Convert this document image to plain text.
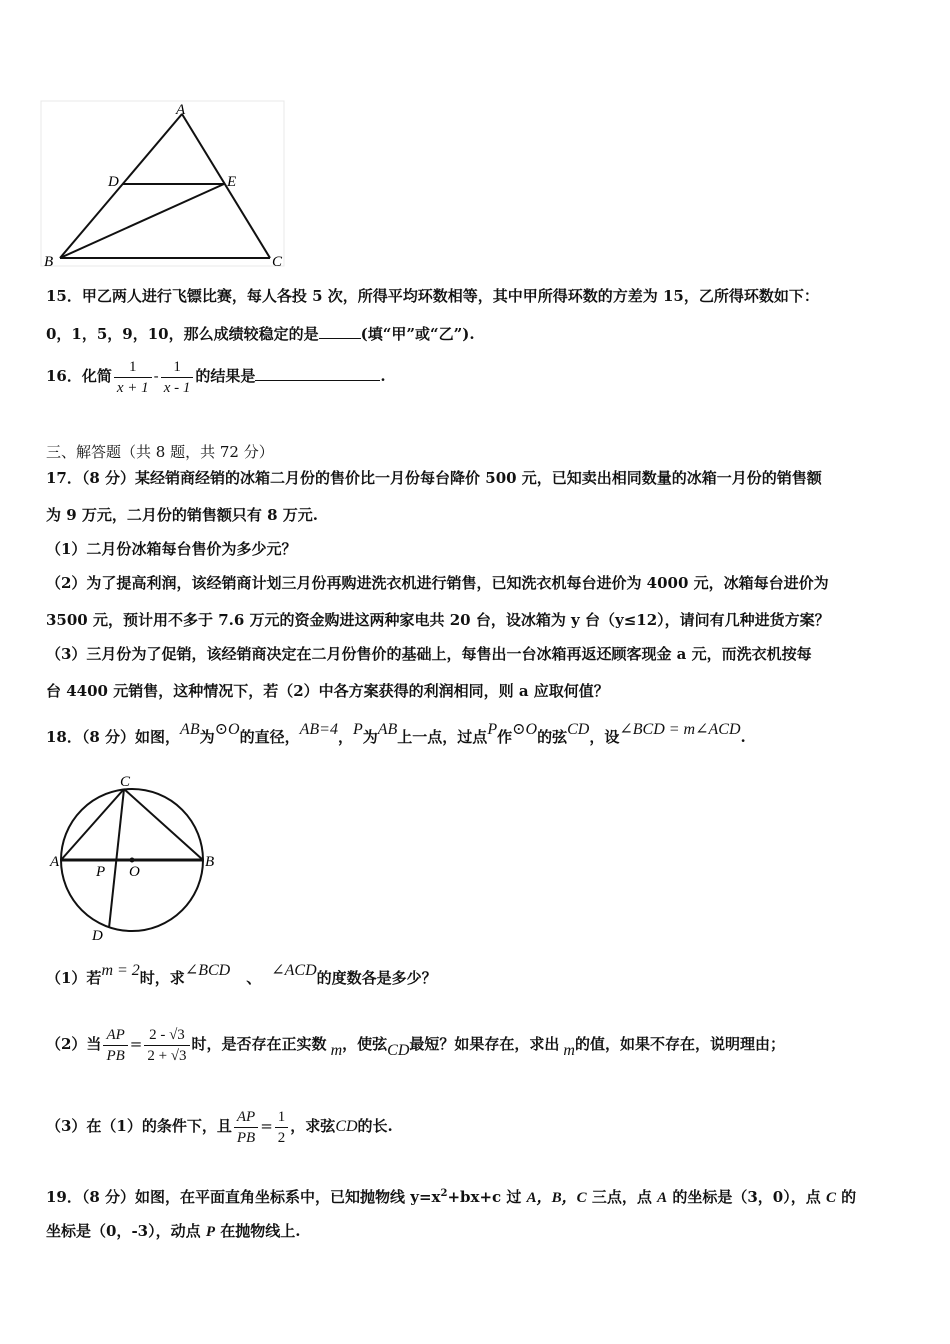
A
D	E
B	C
15．甲乙两人进行飞镖比赛，每人各投 5 次，所得平均环数相等，其中甲所得环数的方差为 15，乙所得环数如下：
0，1，5，9，10，那么成绩较稳定的是	(填“甲”或“乙”).
16．化简 $\frac{1}{x + 1} - \frac{1}{x - 1}$ 的结果是	.
三、解答题（共 8 题，共 72 分）
17．（8 分）某经销商经销的冰箱二月份的售价比一月份每台降价 500 元，已知卖出相同数量的冰箱一月份的销售额
为 9 万元，二月份的销售额只有 8 万元.
（1）二月份冰箱每台售价为多少元？
（2）为了提高利润，该经销商计划三月份再购进洗衣机进行销售，已知洗衣机每台进价为 4000 元，冰箱每台进价为
3500 元，预计用不多于 7.6 万元的资金购进这两种家电共 20 台，设冰箱为 y 台（y≤12），请问有几种进货方案？
（3）三月份为了促销，该经销商决定在二月份售价的基础上，每售出一台冰箱再返还顾客现金 a 元，而洗衣机按每
台 4400 元销售，这种情况下，若（2）中各方案获得的利润相同，则 a 应取何值？
18．（8 分）如图，AB为⊙O的直径，AB=4，P为AB上一点，过点P作⊙O的弦CD，设∠BCD = m∠ACD.
C
A
P O
B
D
（1）若m = 2时，求∠BCD 、 ∠ACD的度数各是多少？
（2）当 $\frac{AP}{PB} = \frac{2 - √3}{2 + √3}$ 时，是否存在正实数 m，使弦CD最短？如果存在，求出 m的值，如果不存在，说明理由；
（3）在（1）的条件下，且 $\frac{AP}{PB} = \frac{1}{2}$ ，求弦CD的长.
19．（8 分）如图，在平面直角坐标系中，已知抛物线 $y=x^2+bx+c$ 过 A，B，C 三点，点 A 的坐标是（3，0），点 C 的
坐标是（0，-3），动点 P 在抛物线上.
